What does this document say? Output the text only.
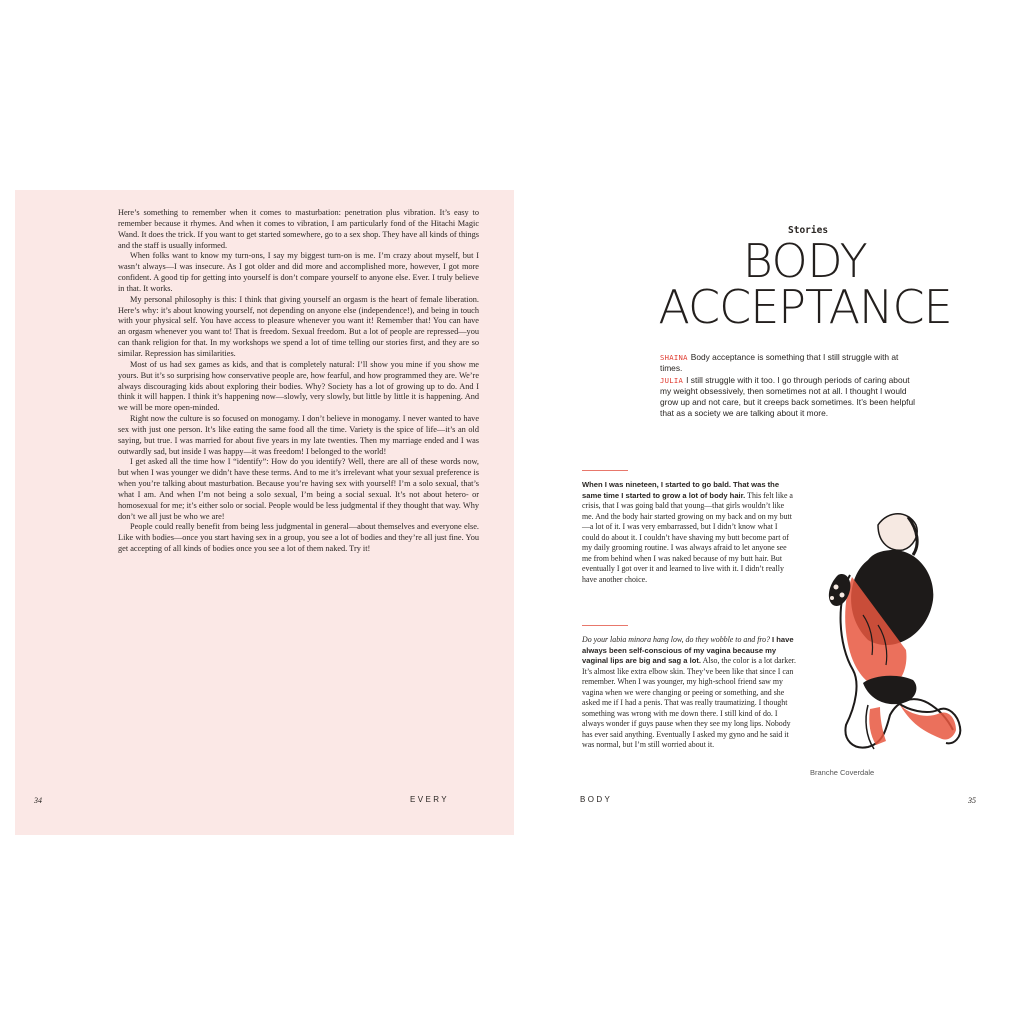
Here’s something to remember when it comes to masturbation: penetration plus vibration. It’s easy to remember because it rhymes. And when it comes to vibration, I am particularly fond of the Hitachi Magic Wand. It does the trick. If you want to get started somewhere, go to a sex shop. They have all kinds of things and the staff is usually informed.

When folks want to know my turn-ons, I say my biggest turn-on is me. I’m crazy about myself, but I wasn’t always—I was insecure. As I got older and did more and accomplished more, however, I got more confident. A good tip for getting into yourself is don’t compare yourself to anyone else. Ever. I truly believe in that. It works.

My personal philosophy is this: I think that giving yourself an orgasm is the heart of female liberation. Here’s why: it’s about knowing yourself, not depending on anyone else (independence!), and being in touch with your physical self. You have access to pleasure whenever you want it! Remember that! You can have an orgasm whenever you want to! That is freedom. Sexual freedom. But a lot of people are repressed—you can thank religion for that. In my workshops we spend a lot of time telling our stories first, and they are so similar. Repression has similarities.

Most of us had sex games as kids, and that is completely natural: I’ll show you mine if you show me yours. But it’s so surprising how conservative people are, how fearful, and how programmed they are. We’re always discouraging kids about exploring their bodies. Why? Society has a lot of growing up to do. And I think it will happen. I think it’s happening now—slowly, very slowly, but little by little it is happening. And we will be more open-minded.

Right now the culture is so focused on monogamy. I don’t believe in monogamy. I never wanted to have sex with just one person. It’s like eating the same food all the time. Variety is the spice of life—it’s an old saying, but true. I was married for about five years in my late twenties. Then my marriage ended and I was outwardly sad, but inside I was happy—it was freedom! I belonged to the world!

I get asked all the time how I “identify”: How do you identify? Well, there are all of these words now, but when I was younger we didn’t have these terms. And to me it’s irrelevant what your sexual preference is when you’re talking about masturbation. Because you’re having sex with yourself! I’m a solo sexual, that’s what I am. And when I’m not being a solo sexual, I’m being a social sexual. It’s not about hetero- or homosexual for me; it’s either solo or social. People would be less judgmental if they thought that way. Why don’t we all just be who we are!

People could really benefit from being less judgmental in general—about themselves and everyone else. Like with bodies—once you start having sex in a group, you see a lot of bodies and they’re all just fine. You get accepting of all kinds of bodies once you see a lot of them naked. Try it!

34	EVERY
Stories
BODY
ACCEPTANCE

SHAINA Body acceptance is something that I still struggle with at times.

JULIA I still struggle with it too. I go through periods of caring about my weight obsessively, then sometimes not at all. I thought I would grow up and not care, but it creeps back sometimes. It’s been helpful that as a society we are talking about it more.

When I was nineteen, I started to go bald. That was the same time I started to grow a lot of body hair. This felt like a crisis, that I was going bald that young—that girls wouldn’t like me. And the body hair started growing on my back and on my butt—a lot of it. I was very embarrassed, but I didn’t know what I could do about it. I couldn’t have shaving my butt become part of my daily grooming routine. I was always afraid to let anyone see me from behind when I was naked because of my butt hair. But eventually I got over it and learned to live with it. I didn’t really have another choice.

Do your labia minora hang low, do they wobble to and fro? I have always been self-conscious of my vagina because my vaginal lips are big and sag a lot. Also, the color is a lot darker. It’s almost like extra elbow skin. They’ve been like that since I can remember. When I was younger, my high-school friend saw my vagina when we were changing or peeing or something, and she asked me if I had a penis. That was really traumatizing. I thought something was wrong with me down there. I still kind of do. I always wonder if guys pause when they see my long lips. Nobody has ever said anything. Eventually I asked my gyno and he said it was normal, but I’m still worried about it.

Branche Coverdale
BODY	35
